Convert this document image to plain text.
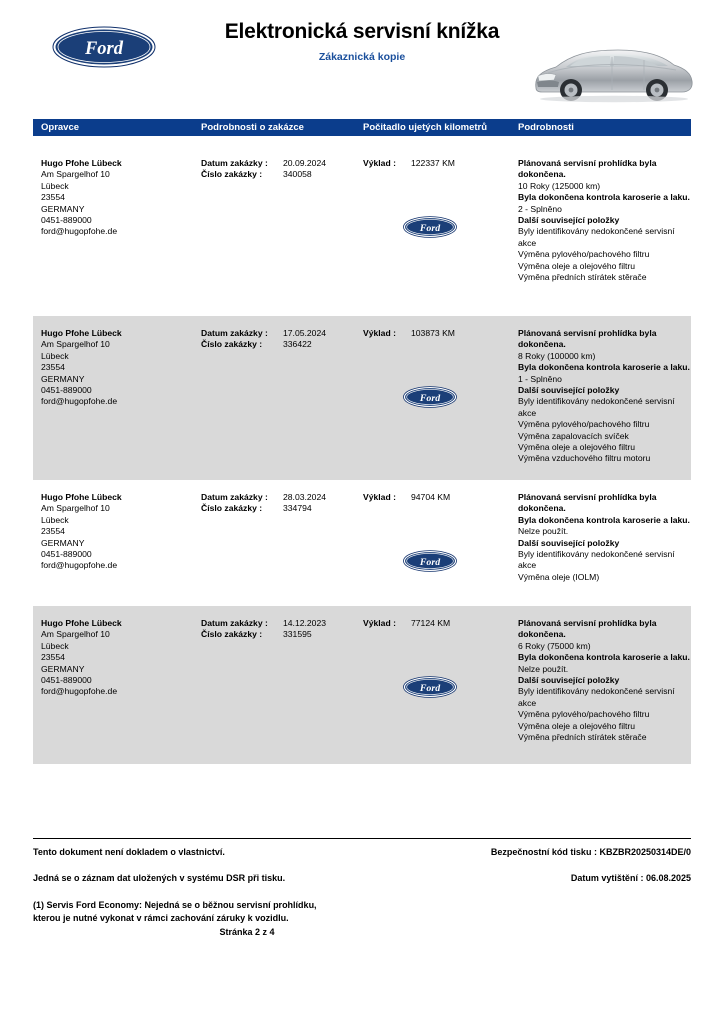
Ford
Elektronická servisní knížka
Zákaznická kopie
Opravce	Podrobnosti o zakázce	Počitadlo ujetých kilometrů	Podrobnosti
Hugo Pfohe Lübeck
Am Spargelhof 10
Lübeck
23554
GERMANY
0451-889000
ford@hugopfohe.de
Datum zakázky : 20.09.2024
Číslo zakázky : 340058
Ford
Výklad : 122337 KM	Plánovaná servisní prohlídka byla dokončena.
10 Roky (125000 km)
Byla dokončena kontrola karoserie a laku.
2 - Splněno
Další související položky
Byly identifikovány nedokončené servisní akce
Výměna pylového/pachového filtru
Výměna oleje a olejového filtru
Výměna předních stírátek stěrače
Hugo Pfohe Lübeck
Am Spargelhof 10
Lübeck
23554
GERMANY
0451-889000
ford@hugopfohe.de
Datum zakázky : 17.05.2024
Číslo zakázky : 336422
Ford
Výklad : 103873 KM	Plánovaná servisní prohlídka byla dokončena.
8 Roky (100000 km)
Byla dokončena kontrola karoserie a laku.
1 - Splněno
Další související položky
Byly identifikovány nedokončené servisní akce
Výměna pylového/pachového filtru
Výměna zapalovacích svíček
Výměna oleje a olejového filtru
Výměna vzduchového filtru motoru
Hugo Pfohe Lübeck
Am Spargelhof 10
Lübeck
23554
GERMANY
0451-889000
ford@hugopfohe.de
Datum zakázky : 28.03.2024
Číslo zakázky : 334794
Ford
Výklad : 94704 KM	Plánovaná servisní prohlídka byla dokončena.
Byla dokončena kontrola karoserie a laku.
Nelze použít.
Další související položky
Byly identifikovány nedokončené servisní akce
Výměna oleje (IOLM)
Hugo Pfohe Lübeck
Am Spargelhof 10
Lübeck
23554
GERMANY
0451-889000
ford@hugopfohe.de
Datum zakázky : 14.12.2023
Číslo zakázky : 331595
Ford
Výklad : 77124 KM	Plánovaná servisní prohlídka byla dokončena.
6 Roky (75000 km)
Byla dokončena kontrola karoserie a laku.
Nelze použít.
Další související položky
Byly identifikovány nedokončené servisní akce
Výměna pylového/pachového filtru
Výměna oleje a olejového filtru
Výměna předních stírátek stěrače
Tento dokument není dokladem o vlastnictví.	Bezpečnostní kód tisku : KBZBR20250314DE/0
Jedná se o záznam dat uložených v systému DSR při tisku.	Datum vytištění : 06.08.2025
(1) Servis Ford Economy: Nejedná se o běžnou servisní prohlídku,
kterou je nutné vykonat v rámci zachování záruky k vozidlu.
Stránka 2 z 4
